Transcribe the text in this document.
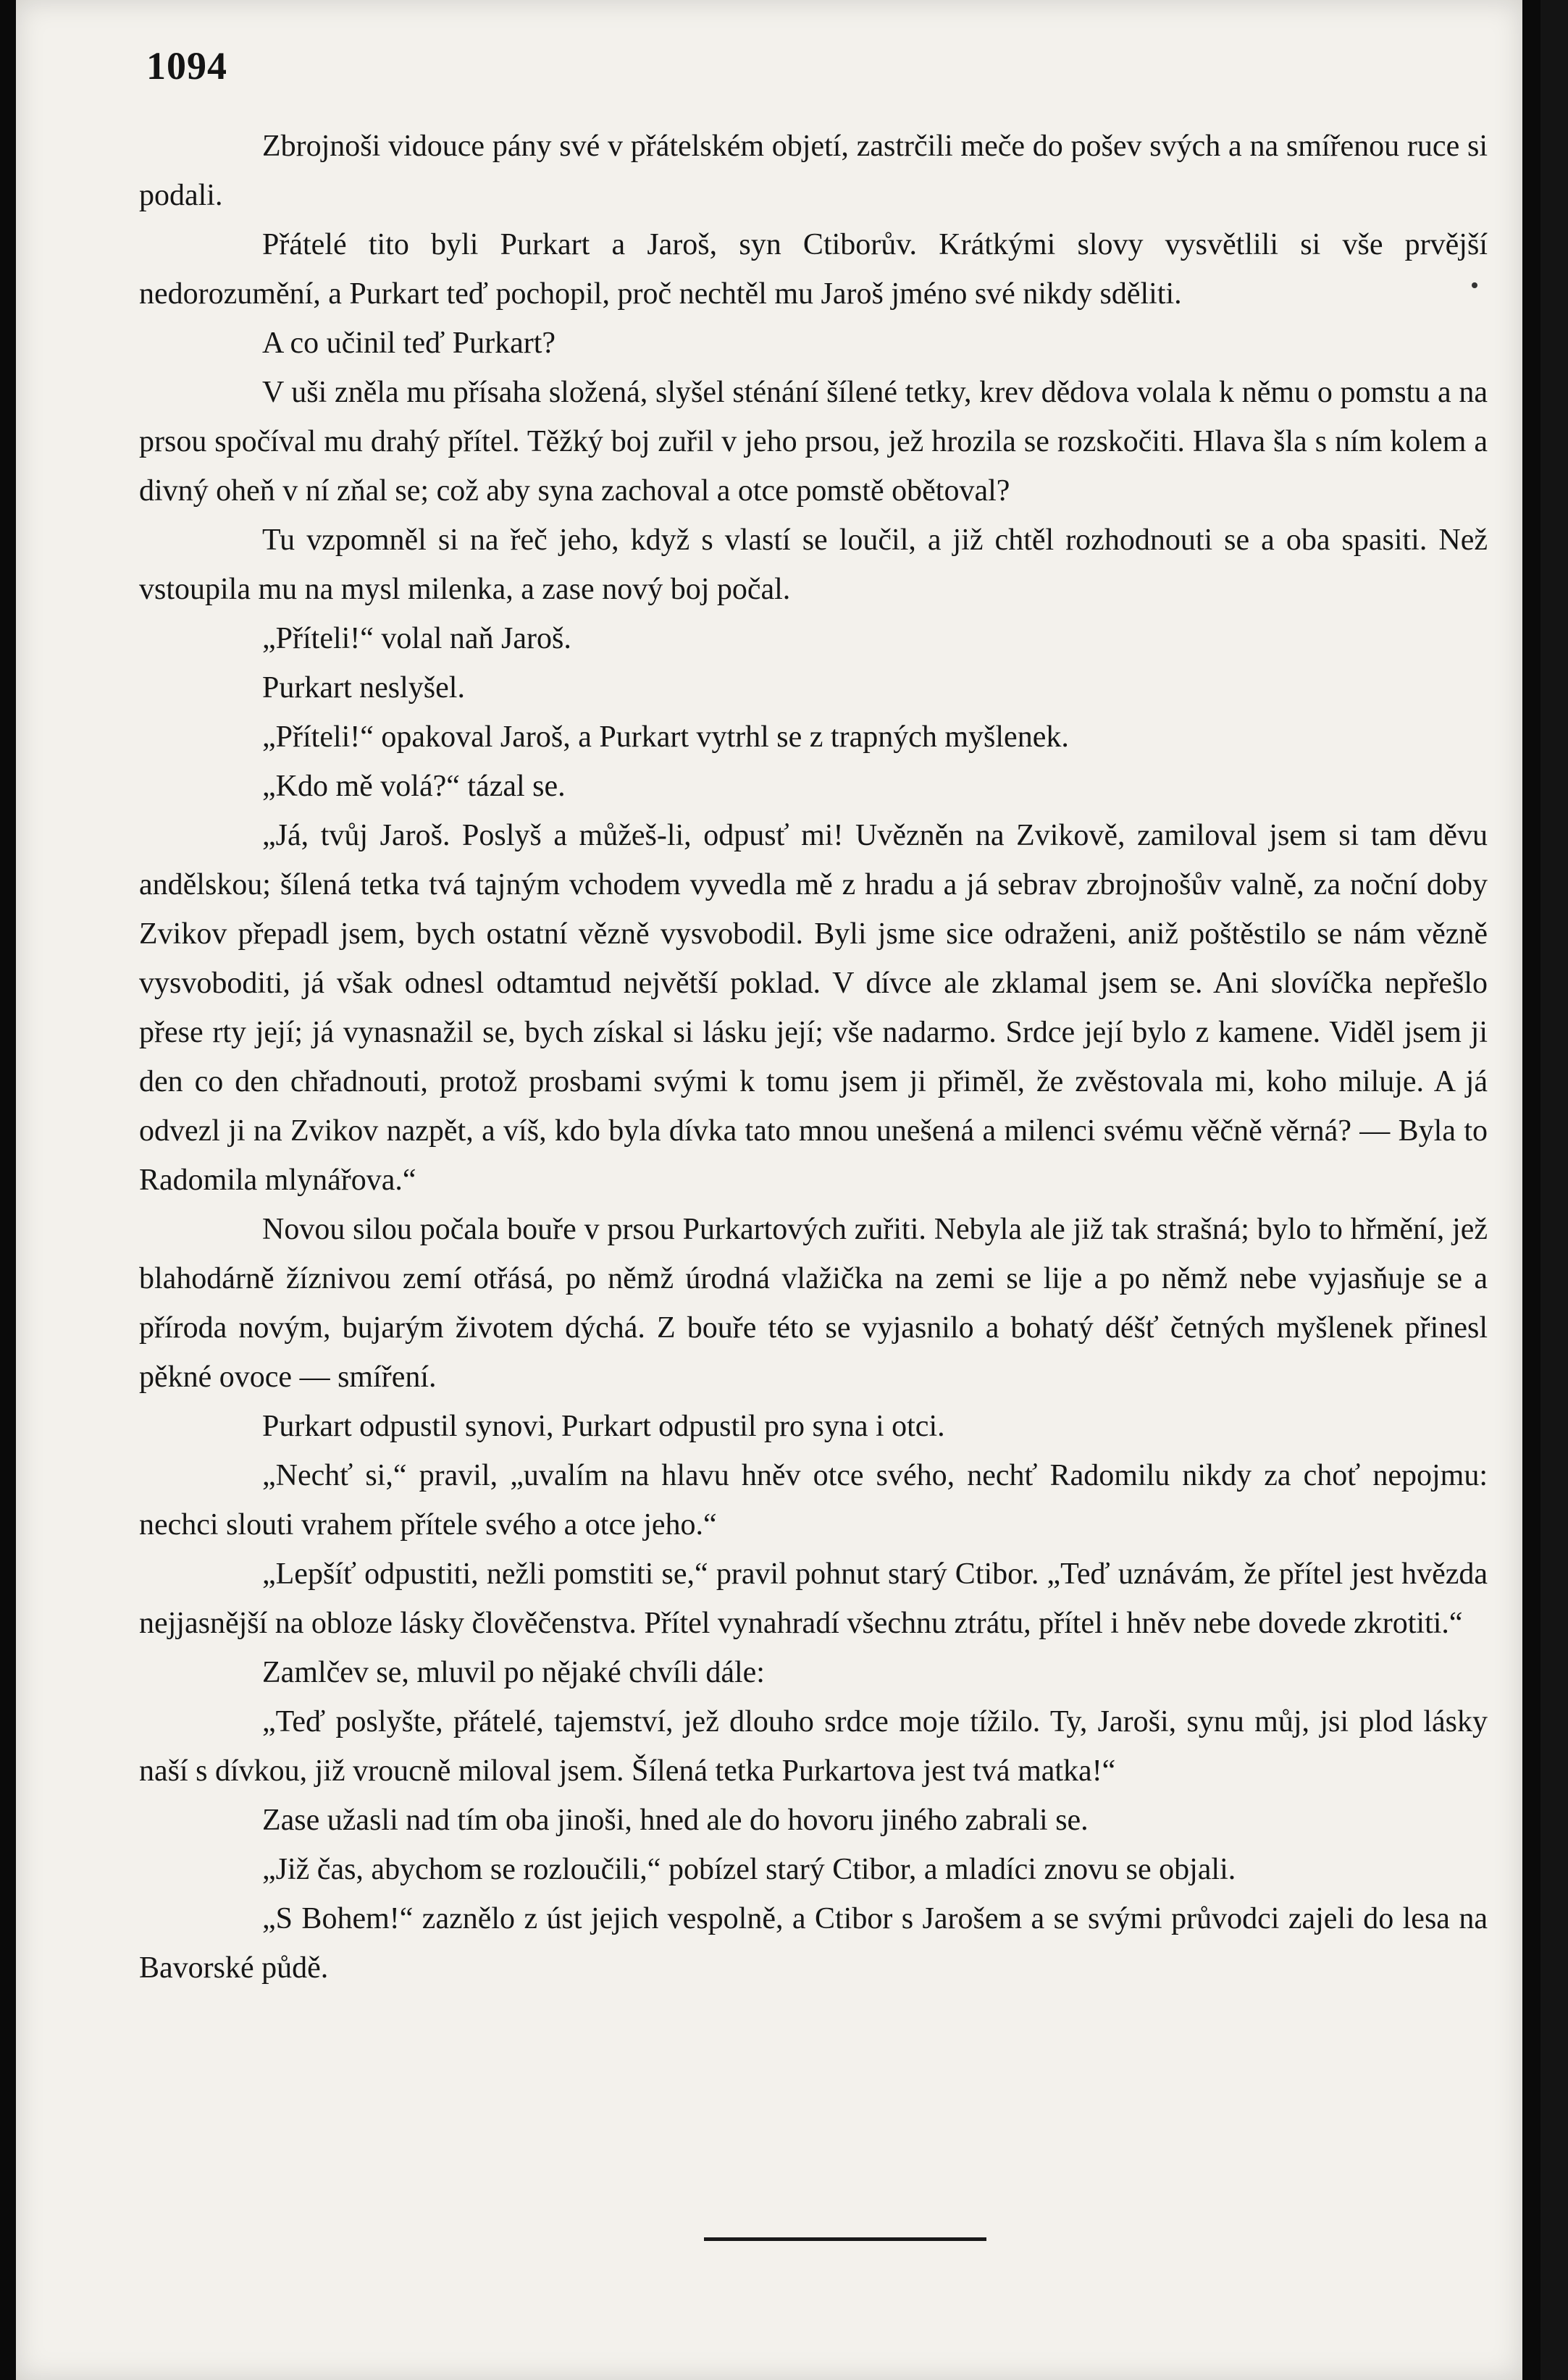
1094

Zbrojnoši vidouce pány své v přátelském objetí, zastrčili meče do pošev svých a na smířenou ruce si podali.

Přátelé tito byli Purkart a Jaroš, syn Ctiborův. Krátkými slovy vysvětlili si vše prvější nedorozumění, a Purkart teď pochopil, proč nechtěl mu Jaroš jméno své nikdy sděliti.

A co učinil teď Purkart?

V uši zněla mu přísaha složená, slyšel sténání šílené tetky, krev dědova volala k němu o pomstu a na prsou spočíval mu drahý přítel. Těžký boj zuřil v jeho prsou, jež hrozila se rozskočiti. Hlava šla s ním kolem a divný oheň v ní zňal se; což aby syna zachoval a otce pomstě obětoval?

Tu vzpomněl si na řeč jeho, když s vlastí se loučil, a již chtěl rozhodnouti se a oba spasiti. Než vstoupila mu na mysl milenka, a zase nový boj počal.

„Příteli!“ volal naň Jaroš.

Purkart neslyšel.

„Příteli!“ opakoval Jaroš, a Purkart vytrhl se z trapných myšlenek.

„Kdo mě volá?“ tázal se.

„Já, tvůj Jaroš. Poslyš a můžeš-li, odpusť mi! Uvězněn na Zvikově, zamiloval jsem si tam děvu andělskou; šílená tetka tvá tajným vchodem vyvedla mě z hradu a já sebrav zbrojnošův valně, za noční doby Zvikov přepadl jsem, bych ostatní vězně vysvobodil. Byli jsme sice odraženi, aniž poštěstilo se nám vězně vysvoboditi, já však odnesl odtamtud největší poklad. V dívce ale zklamal jsem se. Ani slovíčka nepřešlo přese rty její; já vynasnažil se, bych získal si lásku její; vše nadarmo. Srdce její bylo z kamene. Viděl jsem ji den co den chřadnouti, protož prosbami svými k tomu jsem ji přiměl, že zvěstovala mi, koho miluje. A já odvezl ji na Zvikov nazpět, a víš, kdo byla dívka tato mnou unešená a milenci svému věčně věrná? — Byla to Radomila mlynářova.“

Novou silou počala bouře v prsou Purkartových zuřiti. Nebyla ale již tak strašná; bylo to hřmění, jež blahodárně žíznivou zemí otřásá, po němž úrodná vlažička na zemi se lije a po němž nebe vyjasňuje se a příroda novým, bujarým životem dýchá. Z bouře této se vyjasnilo a bohatý déšť četných myšlenek přinesl pěkné ovoce — smíření.

Purkart odpustil synovi, Purkart odpustil pro syna i otci.

„Nechť si,“ pravil, „uvalím na hlavu hněv otce svého, nechť Radomilu nikdy za choť nepojmu: nechci slouti vrahem přítele svého a otce jeho.“

„Lepšíť odpustiti, nežli pomstiti se,“ pravil pohnut starý Ctibor. „Teď uznávám, že přítel jest hvězda nejjasnější na obloze lásky člověčenstva. Přítel vynahradí všechnu ztrátu, přítel i hněv nebe dovede zkrotiti.“

Zamlčev se, mluvil po nějaké chvíli dále:

„Teď poslyšte, přátelé, tajemství, jež dlouho srdce moje tížilo. Ty, Jaroši, synu můj, jsi plod lásky naší s dívkou, již vroucně miloval jsem. Šílená tetka Purkartova jest tvá matka!“

Zase užasli nad tím oba jinoši, hned ale do hovoru jiného zabrali se.

„Již čas, abychom se rozloučili,“ pobízel starý Ctibor, a mladíci znovu se objali.

„S Bohem!“ zaznělo z úst jejich vespolně, a Ctibor s Jarošem a se svými průvodci zajeli do lesa na Bavorské půdě.
